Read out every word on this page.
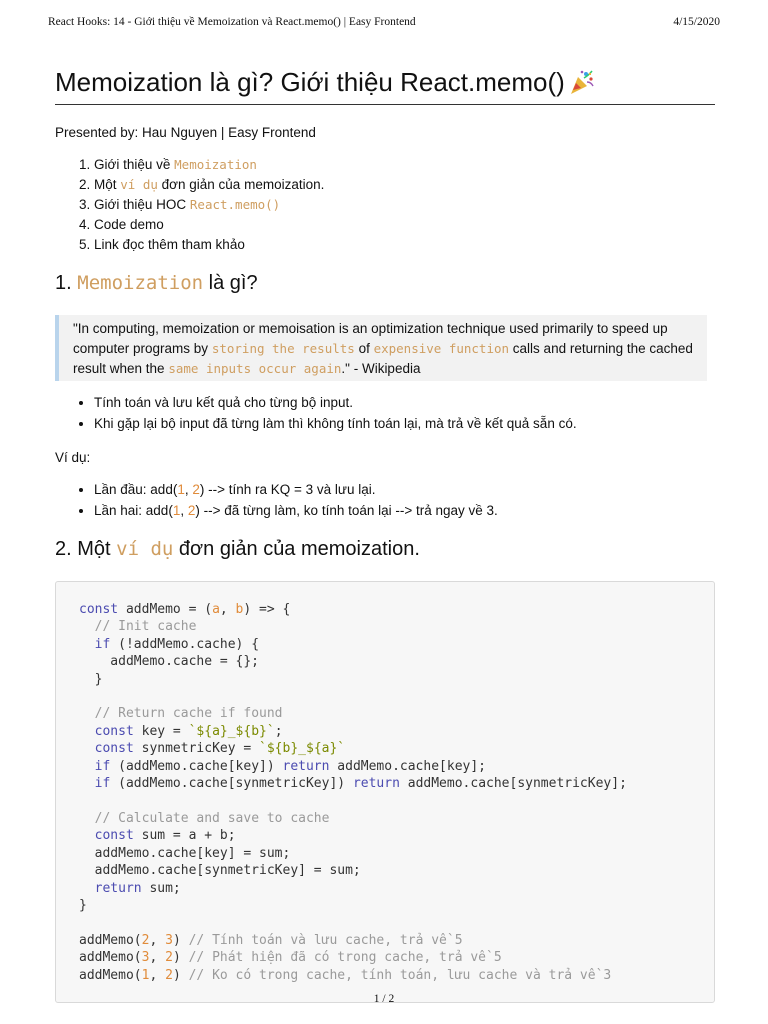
React Hooks: 14 - Giới thiệu về Memoization và React.memo() | Easy Frontend	4/15/2020
Memoization là gì? Giới thiệu React.memo()

Presented by: Hau Nguyen | Easy Frontend

1. Giới thiệu về Memoization
2. Một ví dụ đơn giản của memoization.
3. Giới thiệu HOC React.memo()
4. Code demo
5. Link đọc thêm tham khảo
1. Memoization là gì?
"In computing, memoization or memoisation is an optimization technique used primarily to speed up computer programs by storing the results of expensive function calls and returning the cached result when the same inputs occur again." - Wikipedia
• Tính toán và lưu kết quả cho từng bộ input.
• Khi gặp lại bộ input đã từng làm thì không tính toán lại, mà trả về kết quả sẵn có.

Ví dụ:

• Lần đầu: add(1, 2) --> tính ra KQ = 3 và lưu lại.
• Lần hai: add(1, 2) --> đã từng làm, ko tính toán lại --> trả ngay về 3.
2. Một ví dụ đơn giản của memoization.
const addMemo = (a, b) => {
// Init cache
if (!addMemo.cache) {
addMemo.cache = {};
}

// Return cache if found
const key = `${a}_${b}`;
const synmetricKey = `${b}_${a}`
if (addMemo.cache[key]) return addMemo.cache[key];
if (addMemo.cache[synmetricKey]) return addMemo.cache[synmetricKey];

// Calculate and save to cache
const sum = a + b;
addMemo.cache[key] = sum;
addMemo.cache[synmetricKey] = sum;
return sum;
}

addMemo(2, 3) // Tính toán và lưu cache, trả về 5
addMemo(3, 2) // Phát hiện đã có trong cache, trả về 5
addMemo(1, 2) // Ko có trong cache, tính toán, lưu cache và trả về 3
1 / 2
